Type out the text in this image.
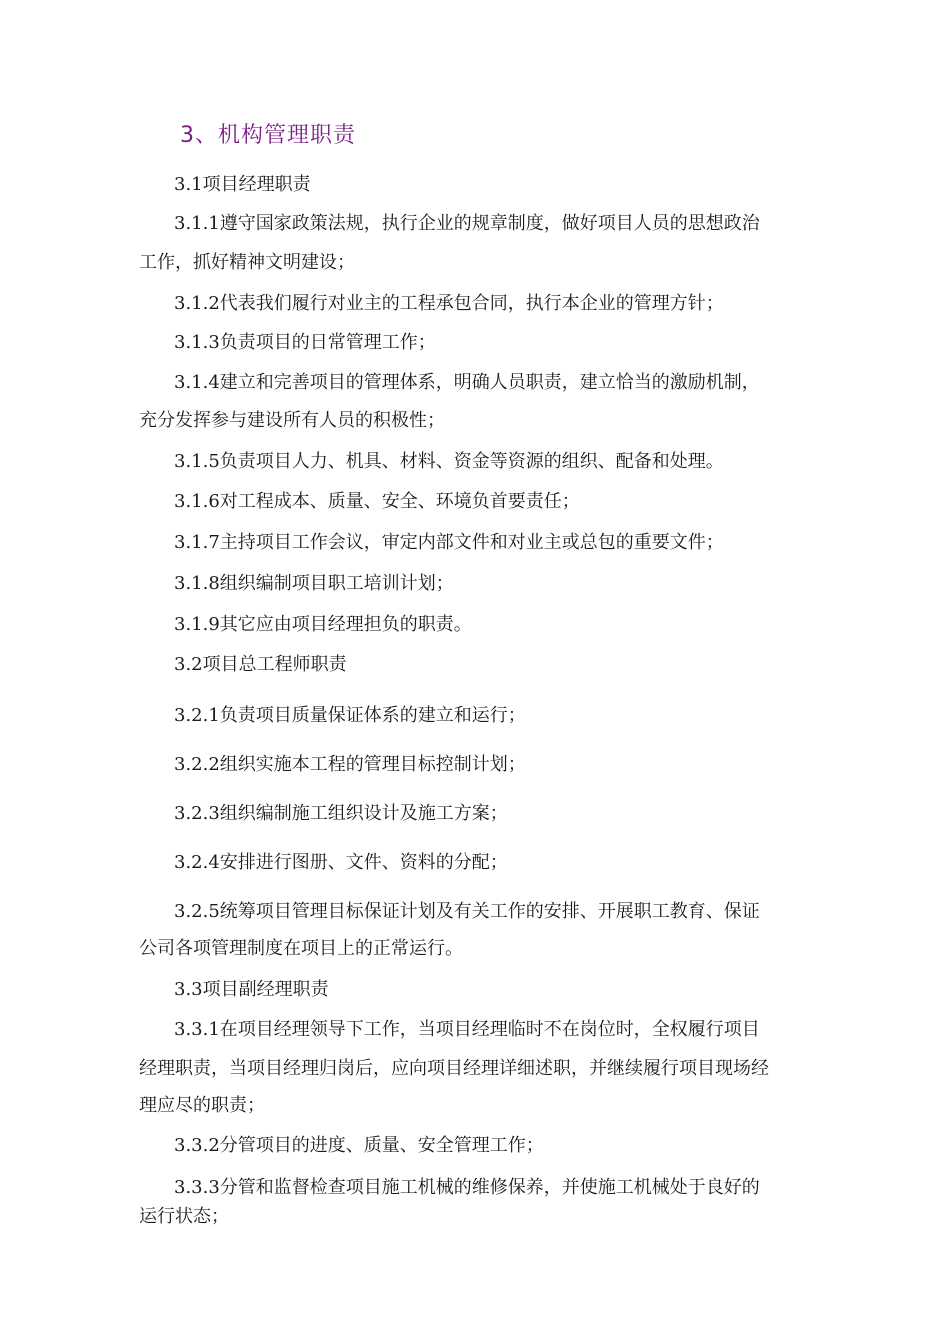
3、机构管理职责
3.1项目经理职责
3.1.1遵守国家政策法规，执行企业的规章制度，做好项目人员的思想政治
工作，抓好精神文明建设；
3.1.2代表我们履行对业主的工程承包合同，执行本企业的管理方针；
3.1.3负责项目的日常管理工作；
3.1.4建立和完善项目的管理体系，明确人员职责，建立恰当的激励机制，
充分发挥参与建设所有人员的积极性；
3.1.5负责项目人力、机具、材料、资金等资源的组织、配备和处理。
3.1.6对工程成本、质量、安全、环境负首要责任；
3.1.7主持项目工作会议，审定内部文件和对业主或总包的重要文件；
3.1.8组织编制项目职工培训计划；
3.1.9其它应由项目经理担负的职责。
3.2项目总工程师职责
3.2.1负责项目质量保证体系的建立和运行；
3.2.2组织实施本工程的管理目标控制计划；
3.2.3组织编制施工组织设计及施工方案；
3.2.4安排进行图册、文件、资料的分配；
3.2.5统筹项目管理目标保证计划及有关工作的安排、开展职工教育、保证
公司各项管理制度在项目上的正常运行。
3.3项目副经理职责
3.3.1在项目经理领导下工作，当项目经理临时不在岗位时，全权履行项目
经理职责，当项目经理归岗后，应向项目经理详细述职，并继续履行项目现场经
理应尽的职责；
3.3.2分管项目的进度、质量、安全管理工作；
3.3.3分管和监督检查项目施工机械的维修保养，并使施工机械处于良好的
运行状态；
